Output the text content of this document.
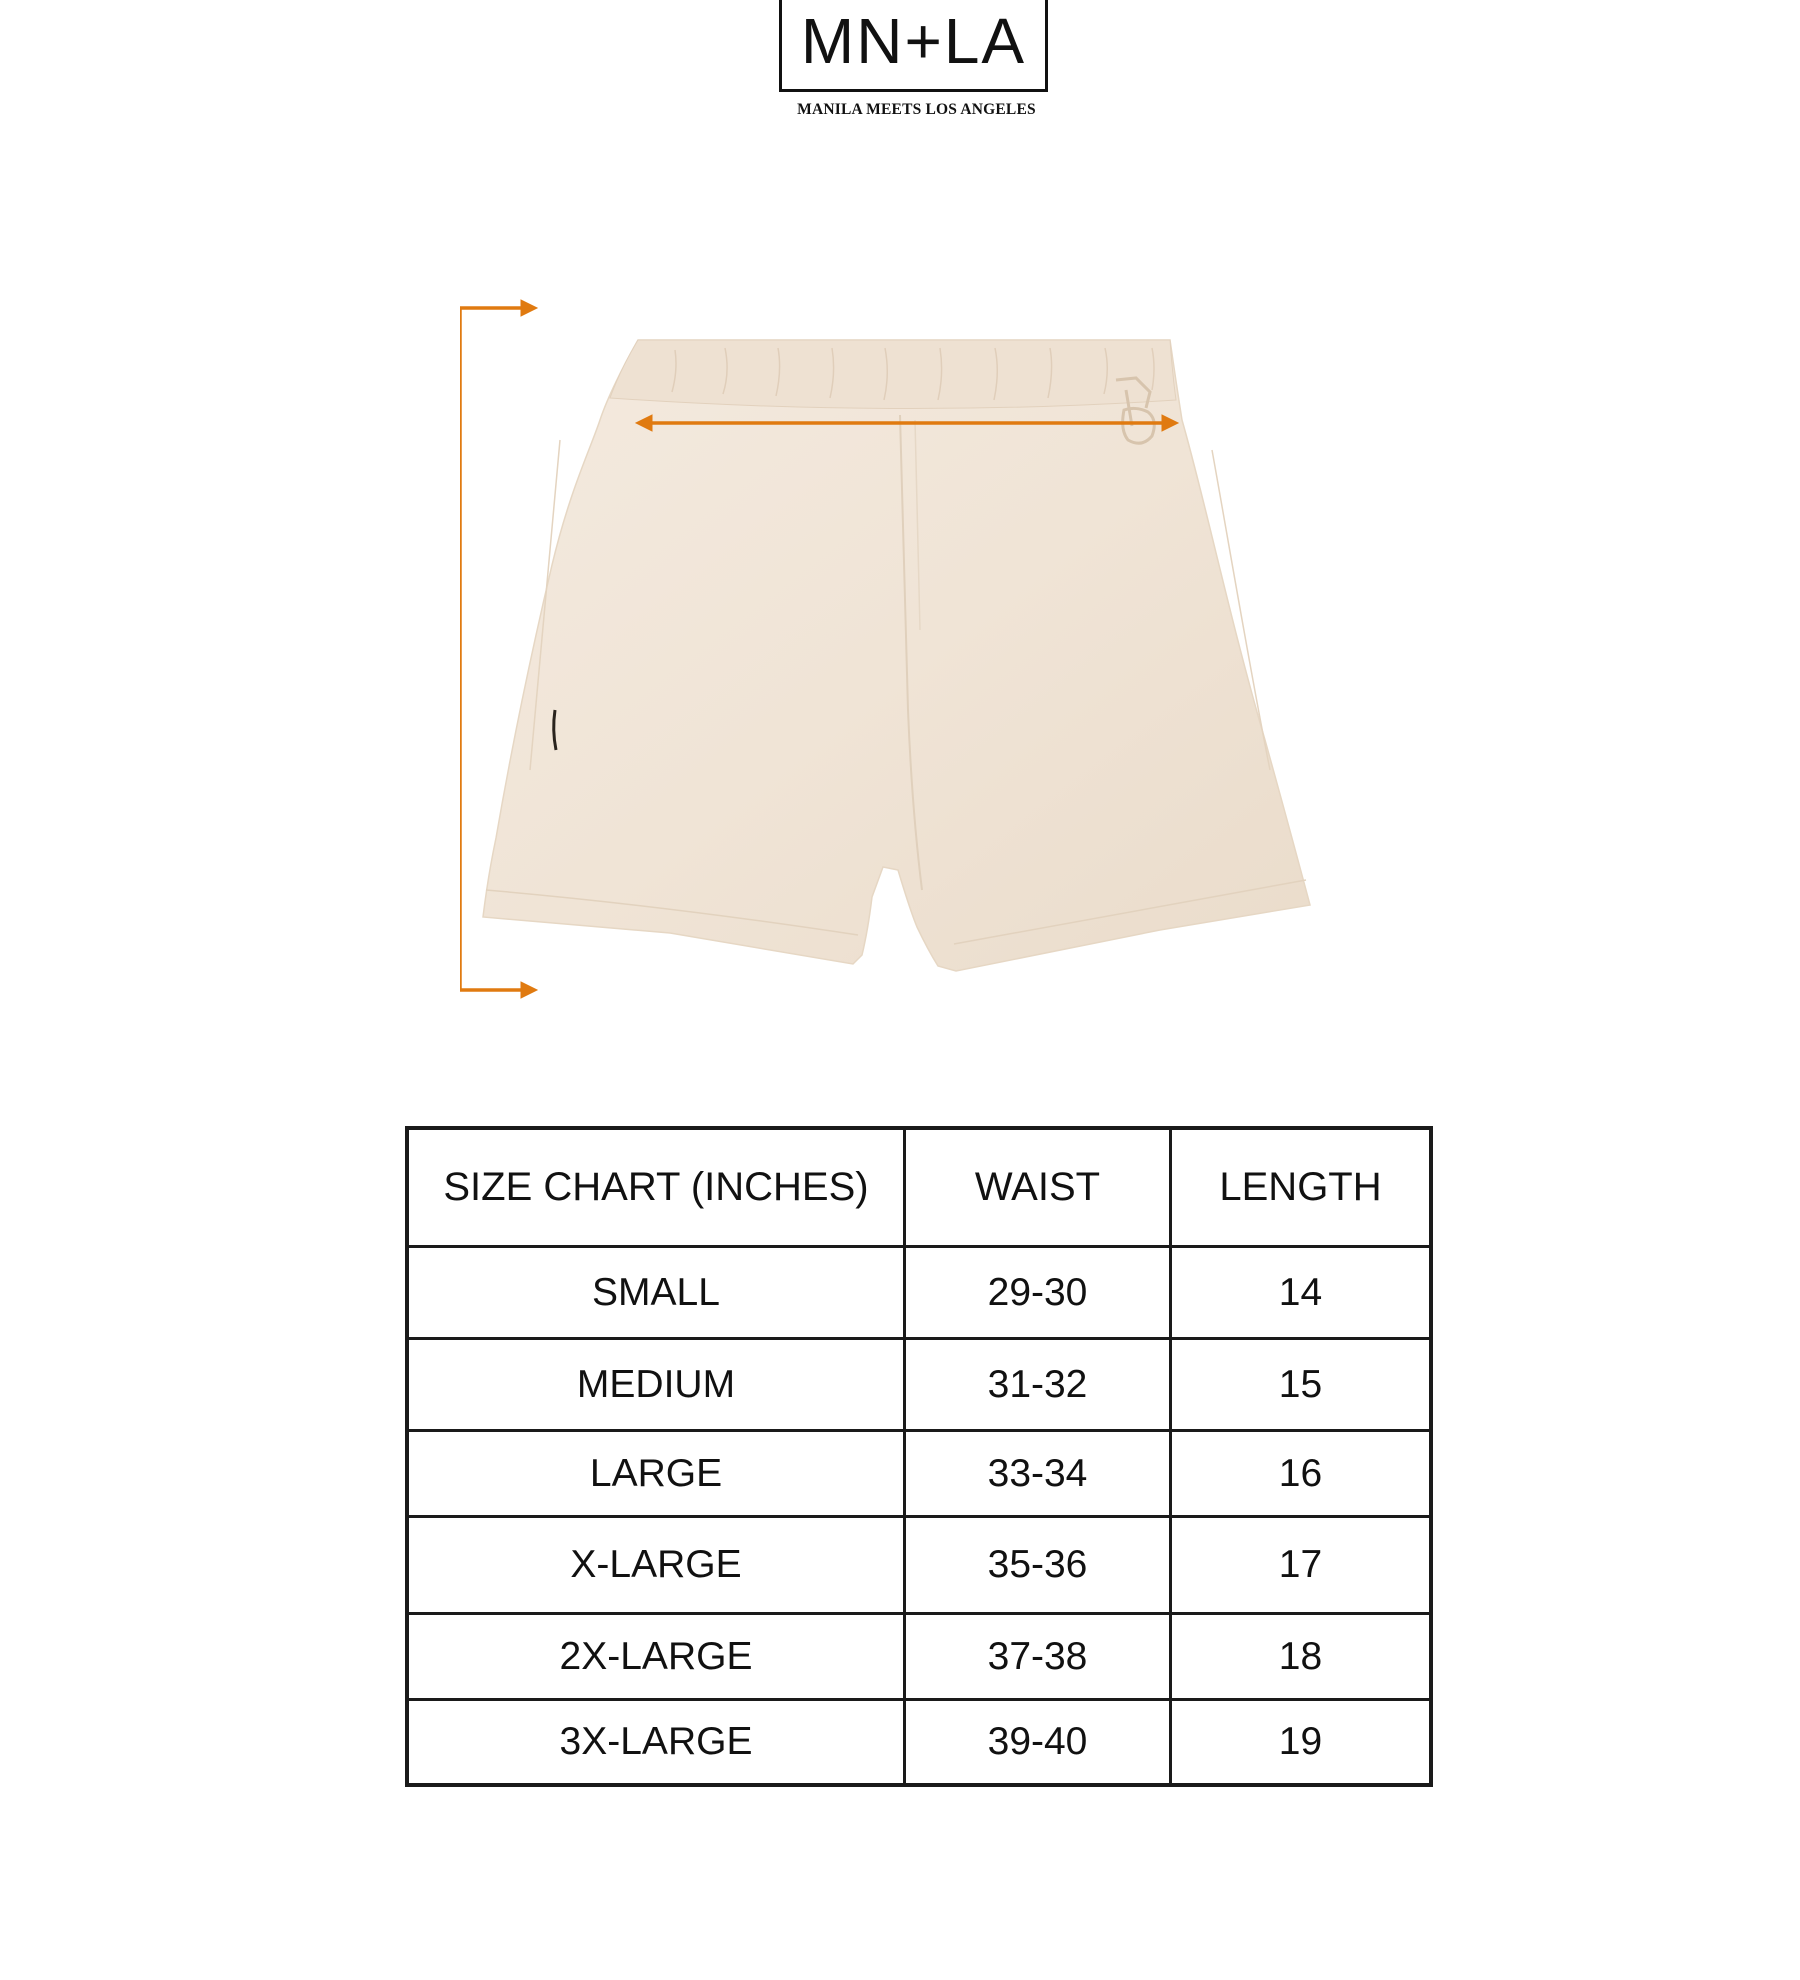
MN+LA
MANILA MEETS LOS ANGELES
SIZE CHART (INCHES)	WAIST	LENGTH
SMALL	29-30	14
MEDIUM	31-32	15
LARGE	33-34	16
X-LARGE	35-36	17
2X-LARGE	37-38	18
3X-LARGE	39-40	19
